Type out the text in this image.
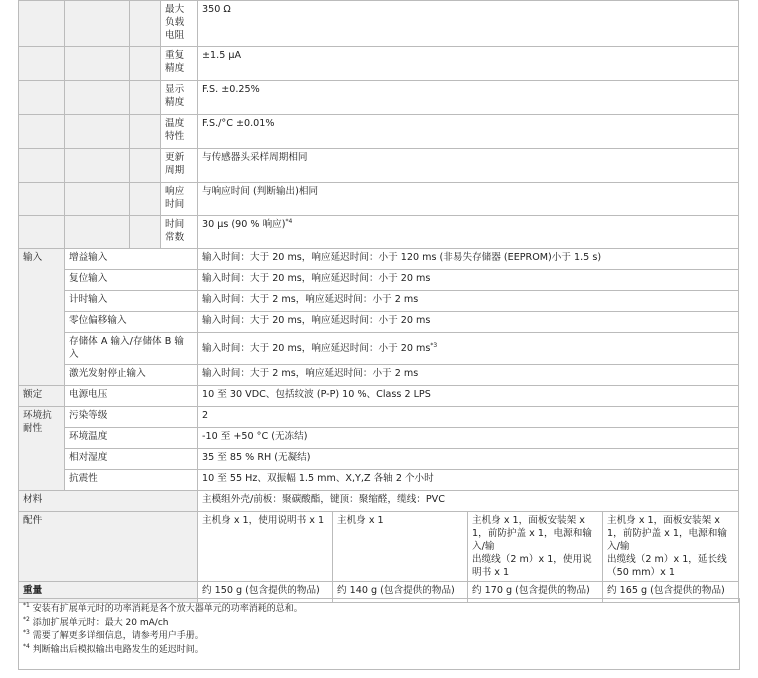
			最大
负载
电阻	350 Ω			
			重复
精度	±1.5 μA			
			显示
精度	F.S. ±0.25%			
			温度
特性	F.S./°C ±0.01%			
			更新
周期	与传感器头采样周期相同			
			响应
时间	与响应时间 (判断输出)相同			
			时间
常数	30 μs (90 % 响应)$^{*4}$
输入	增益输入			输入时间：大于 20 ms，响应延迟时间：小于 120 ms (非易失存储器 (EEPROM)小于 1.5 s)			
	复位输入			输入时间：大于 20 ms，响应延迟时间：小于 20 ms			
	计时输入			输入时间：大于 2 ms，响应延迟时间：小于 2 ms			
	零位偏移输入			输入时间：大于 20 ms，响应延迟时间：小于 20 ms			
	存储体 A 输入/存储体 B 输入			输入时间：大于 20 ms，响应延迟时间：小于 20 $ms^{*3}$
	激光发射停止输入			输入时间：大于 2 ms，响应延迟时间：小于 2 ms			
额定	电源电压			10 至 30 VDC、包括纹波 (P-P) 10 %、Class 2 LPS			
环境抗
耐性	污染等级			2			
	环境温度			-10 至 +50 °C (无冻结)			
	相对湿度			35 至 85 % RH (无凝结)			
	抗震性			10 至 55 Hz、双振幅 1.5 mm、X,Y,Z 各轴 2 个小时			
材料				主模组外壳/前板：聚碳酸酯，键顶：聚缩醛，缆线：PVC			
配件				主机身 x 1，使用说明书 x 1	主机身 x 1	主机身 x 1，面板安装架 x 1，前防护盖 x 1，电源和输入/输
出缆线（2 m）x 1，使用说明书 x 1	主机身 x 1，面板安装架 x 1，前防护盖 x 1，电源和输入/输
出缆线（2 m）x 1，延长线（50 mm）x 1
重量				约 150 g (包含提供的物品)	约 140 g (包含提供的物品)	约 170 g (包含提供的物品)	约 165 g (包含提供的物品)
$^{*1}$ 安装有扩展单元时的功率消耗是各个放大器单元的功率消耗的总和。
$^{*2}$ 添加扩展单元时：最大 20 mA/ch
$^{*3}$ 需要了解更多详细信息，请参考用户手册。
$^{*4}$ 判断输出后模拟输出电路发生的延迟时间。
